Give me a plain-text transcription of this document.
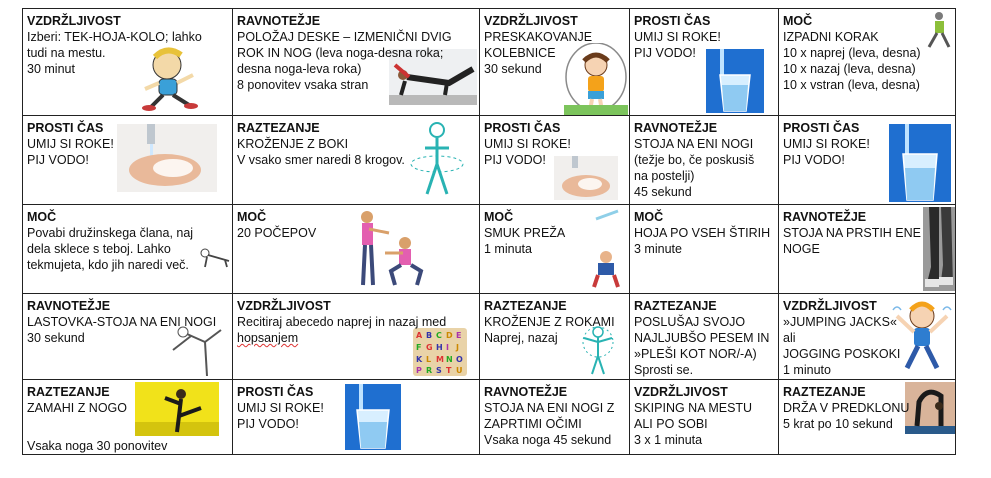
VZDRŽLJIVOST
Izberi: TEK-HOJA-KOLO; lahko
tudi na mestu.
30 minut
RAVNOTEŽJE
POLOŽAJ DESKE – IZMENIČNI DVIG
ROK IN NOG (leva noga-desna roka;
desna noga-leva roka)
8 ponovitev vsaka stran
VZDRŽLJIVOST
PRESKAKOVANJE
KOLEBNICE
30 sekund
PROSTI ČAS
UMIJ SI ROKE!
PIJ VODO!
MOČ
IZPADNI KORAK
10 x naprej (leva, desna)
10 x nazaj (leva, desna)
10 x vstran (leva, desna)
PROSTI ČAS
UMIJ SI ROKE!
PIJ VODO!
RAZTEZANJE
KROŽENJE Z BOKI
V vsako smer naredi 8 krogov.
PROSTI ČAS
UMIJ SI ROKE!
PIJ VODO!
RAVNOTEŽJE
STOJA NA ENI NOGI
(težje bo, če poskusiš
na postelji)
45 sekund
PROSTI ČAS
UMIJ SI ROKE!
PIJ VODO!
MOČ
Povabi družinskega člana, naj
dela sklece s teboj. Lahko
tekmujeta, kdo jih naredi več.
MOČ
20 POČEPOV
MOČ
SMUK PREŽA
1 minuta
MOČ
HOJA PO VSEH ŠTIRIH
3 minute
RAVNOTEŽJE
STOJA NA PRSTIH ENE
NOGE
RAVNOTEŽJE
LASTOVKA-STOJA NA ENI NOGI
30 sekund
VZDRŽLJIVOST
Recitiraj abecedo naprej in nazaj med
hopsanjem	A B C D E
F G H I J
K L M N O
P R S T U
RAZTEZANJE
KROŽENJE Z ROKAMI
Naprej, nazaj
RAZTEZANJE
POSLUŠAJ SVOJO
NAJLJUBŠO PESEM IN
»PLEŠI KOT NOR/-A)
Sprosti se.
VZDRŽLJIVOST
»JUMPING JACKS«
ali
JOGGING POSKOKI
1 minuto
RAZTEZANJE
ZAMAHI Z NOGO
Vsaka noga 30 ponovitev
PROSTI ČAS
UMIJ SI ROKE!
PIJ VODO!
RAVNOTEŽJE
STOJA NA ENI NOGI Z
ZAPRTIMI OČIMI
Vsaka noga 45 sekund
VZDRŽLJIVOST
SKIPING NA MESTU
ALI PO SOBI
3 x 1 minuta
RAZTEZANJE
DRŽA V PREDKLONU
5 krat po 10 sekund
